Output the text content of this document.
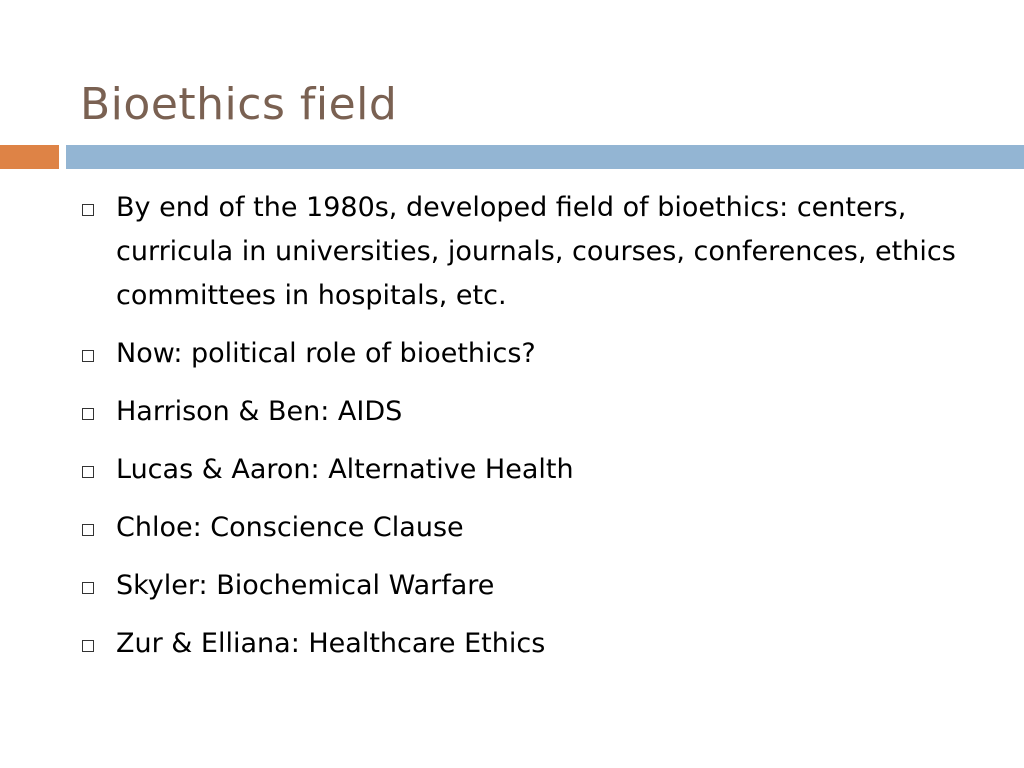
Bioethics field
By end of the 1980s, developed field of bioethics: centers, curricula in universities, journals, courses, conferences, ethics committees in hospitals, etc.
Now: political role of bioethics?
Harrison & Ben: AIDS
Lucas & Aaron: Alternative Health
Chloe: Conscience Clause
Skyler: Biochemical Warfare
Zur & Elliana: Healthcare Ethics
